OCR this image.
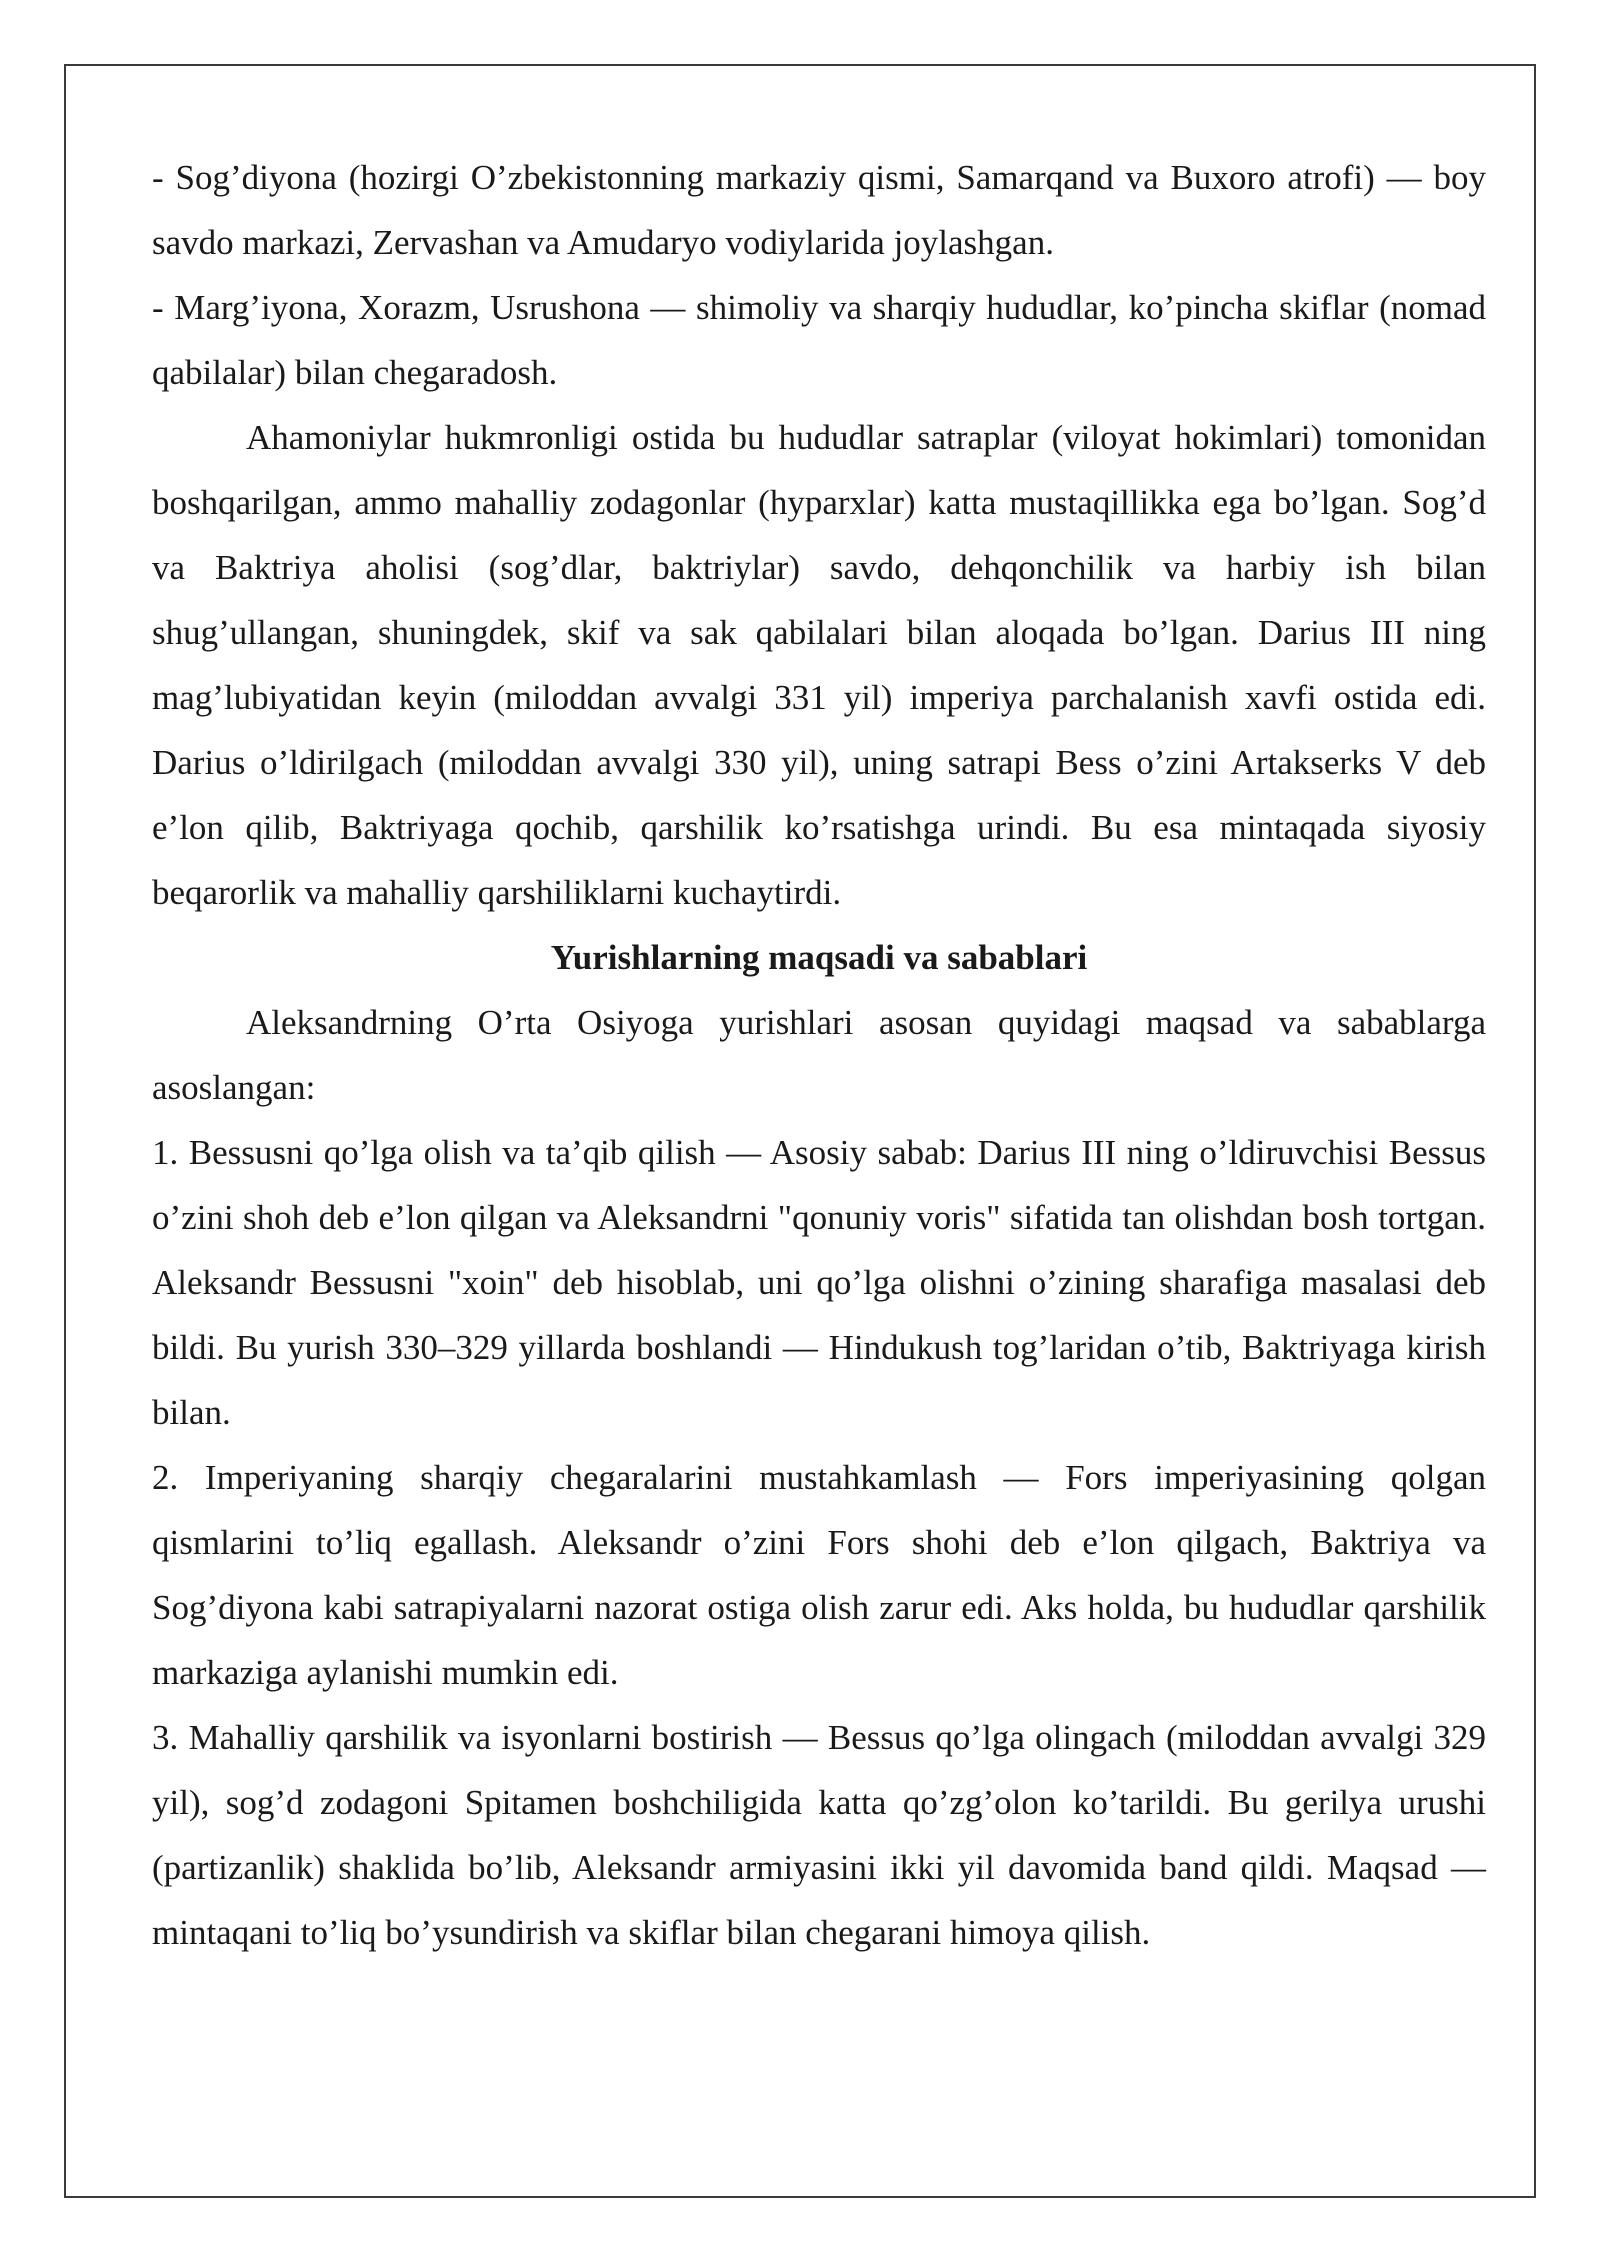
- Sog’diyona (hozirgi O’zbekistonning markaziy qismi, Samarqand va Buxoro atrofi) — boy savdo markazi, Zervashan va Amudaryo vodiylarida joylashgan.

- Marg’iyona, Xorazm, Usrushona — shimoliy va sharqiy hududlar, ko’pincha skiflar (nomad qabilalar) bilan chegaradosh.

Ahamoniylar hukmronligi ostida bu hududlar satraplar (viloyat hokimlari) tomonidan boshqarilgan, ammo mahalliy zodagonlar (hyparxlar) katta mustaqillikka ega bo’lgan. Sog’d va Baktriya aholisi (sog’dlar, baktriylar) savdo, dehqonchilik va harbiy ish bilan shug’ullangan, shuningdek, skif va sak qabilalari bilan aloqada bo’lgan. Darius III ning mag’lubiyatidan keyin (miloddan avvalgi 331 yil) imperiya parchalanish xavfi ostida edi. Darius o’ldirilgach (miloddan avvalgi 330 yil), uning satrapi Bess o’zini Artakserks V deb e’lon qilib, Baktriyaga qochib, qarshilik ko’rsatishga urindi. Bu esa mintaqada siyosiy beqarorlik va mahalliy qarshiliklarni kuchaytirdi.

Yurishlarning maqsadi va sabablari

Aleksandrning O’rta Osiyoga yurishlari asosan quyidagi maqsad va sabablarga asoslangan:

1. Bessusni qo’lga olish va ta’qib qilish — Asosiy sabab: Darius III ning o’ldiruvchisi Bessus o’zini shoh deb e’lon qilgan va Aleksandrni "qonuniy voris" sifatida tan olishdan bosh tortgan. Aleksandr Bessusni "xoin" deb hisoblab, uni qo’lga olishni o’zining sharafiga masalasi deb bildi. Bu yurish 330–329 yillarda boshlandi — Hindukush tog’laridan o’tib, Baktriyaga kirish bilan.

2. Imperiyaning sharqiy chegaralarini mustahkamlash — Fors imperiyasining qolgan qismlarini to’liq egallash. Aleksandr o’zini Fors shohi deb e’lon qilgach, Baktriya va Sog’diyona kabi satrapiyalarni nazorat ostiga olish zarur edi. Aks holda, bu hududlar qarshilik markaziga aylanishi mumkin edi.

3. Mahalliy qarshilik va isyonlarni bostirish — Bessus qo’lga olingach (miloddan avvalgi 329 yil), sog’d zodagoni Spitamen boshchiligida katta qo’zg’olon ko’tarildi. Bu gerilya urushi (partizanlik) shaklida bo’lib, Aleksandr armiyasini ikki yil davomida band qildi. Maqsad — mintaqani to’liq bo’ysundirish va skiflar bilan chegarani himoya qilish.
